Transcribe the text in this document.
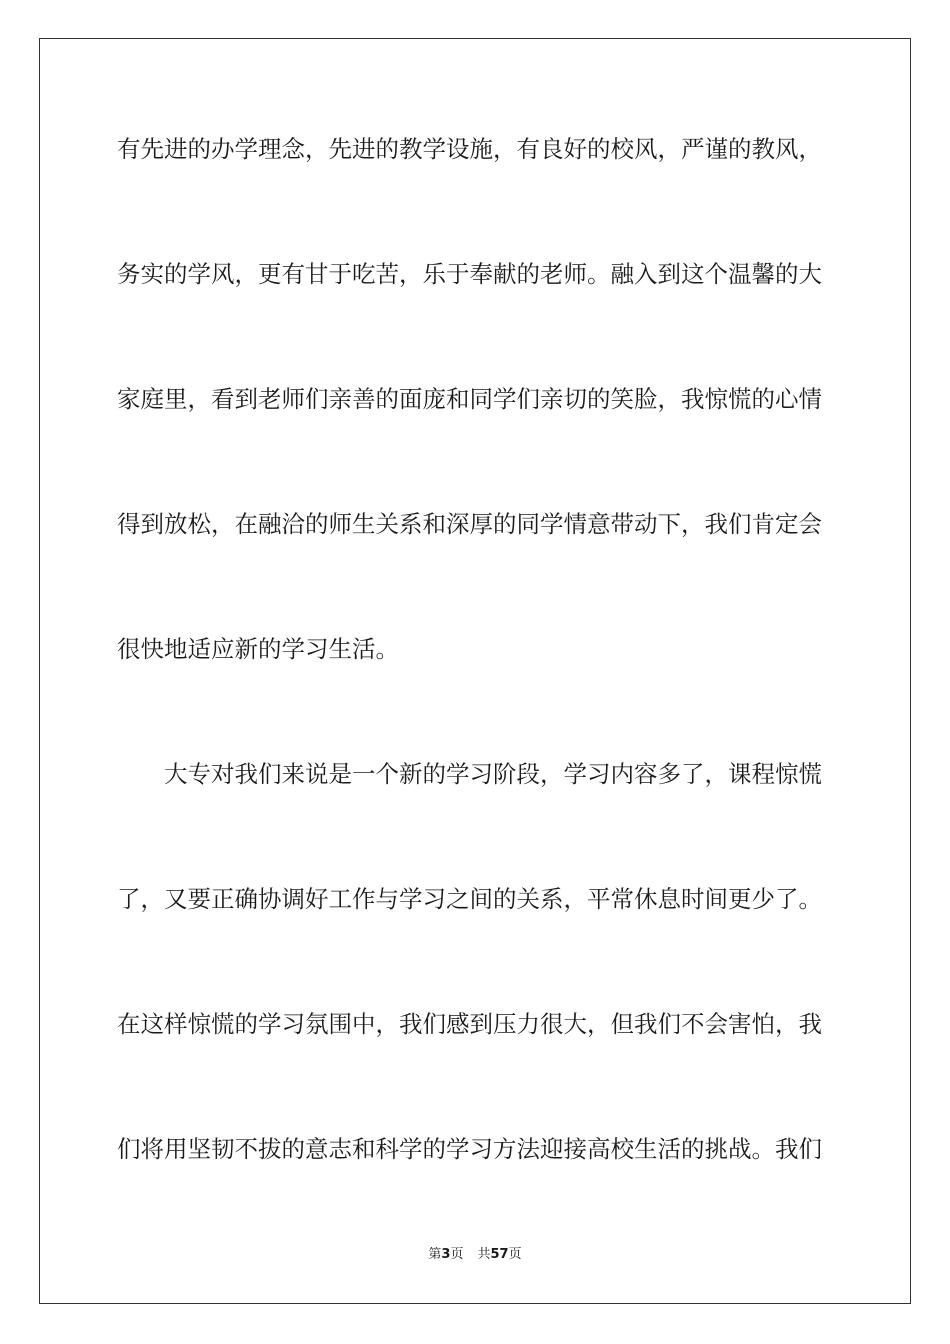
有先进的办学理念，先进的教学设施，有良好的校风，严谨的教风，
务实的学风，更有甘于吃苦，乐于奉献的老师。融入到这个温馨的大
家庭里，看到老师们亲善的面庞和同学们亲切的笑脸，我惊慌的心情
得到放松，在融洽的师生关系和深厚的同学情意带动下，我们肯定会
很快地适应新的学习生活。
大专对我们来说是一个新的学习阶段，学习内容多了，课程惊慌
了，又要正确协调好工作与学习之间的关系，平常休息时间更少了。
在这样惊慌的学习氛围中，我们感到压力很大，但我们不会害怕，我
们将用坚韧不拔的意志和科学的学习方法迎接高校生活的挑战。我们
第3页 共57页
